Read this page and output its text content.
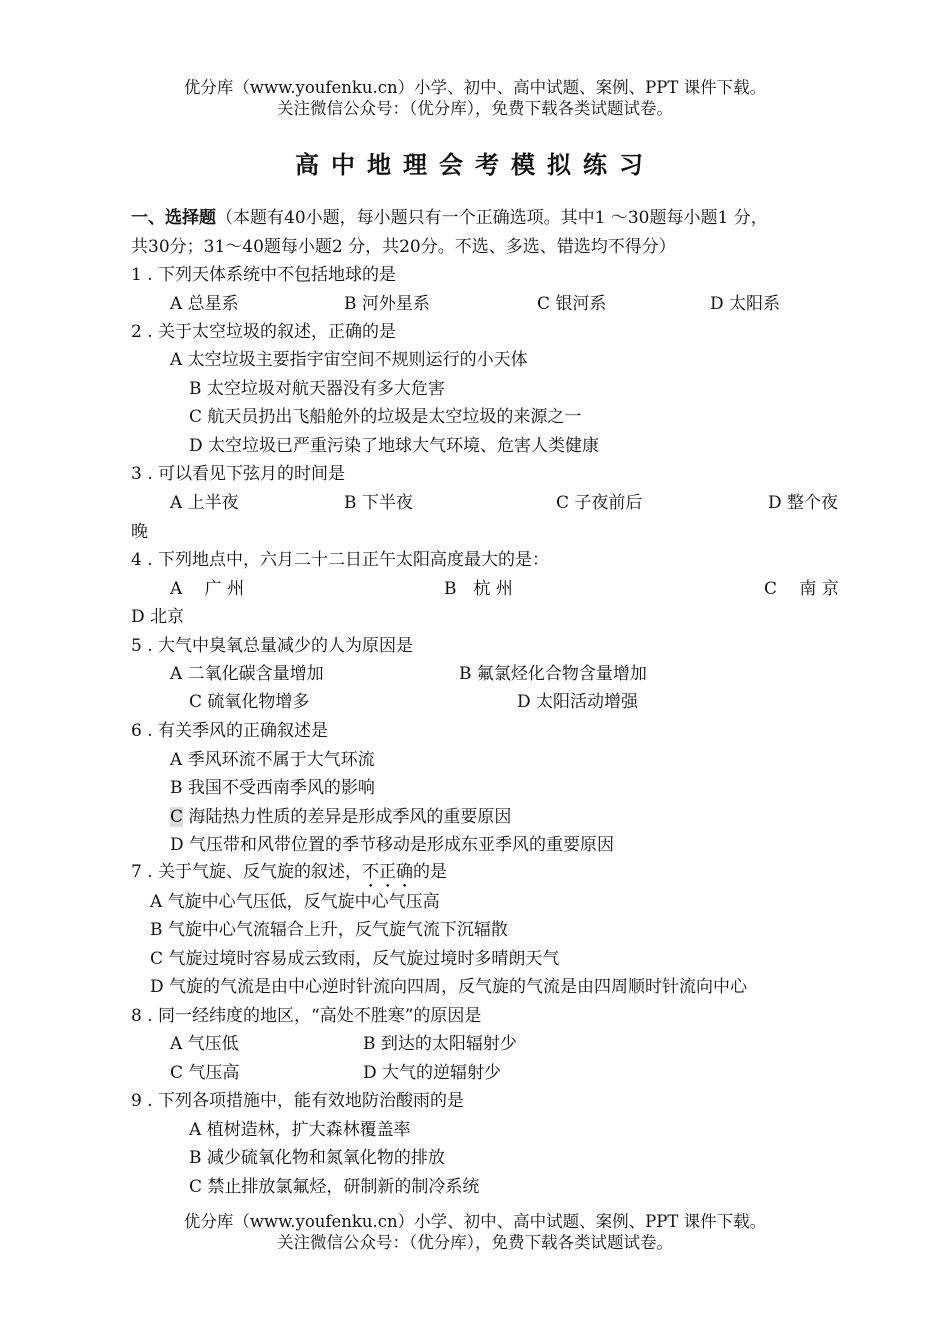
优分库（www.youfenku.cn）小学、初中、高中试题、案例、PPT 课件下载。
关注微信公众号：（优分库），免费下载各类试题试卷。
高中地理会考模拟练习
一、选择题（本题有40小题，每小题只有一个正确选项。其中1 ～30题每小题1 分，
共30分；31～40题每小题2 分，共20分。不选、多选、错选均不得分）
1 . 下列天体系统中不包括地球的是
A 总星系	B 河外星系	C 银河系	D 太阳系
2 . 关于太空垃圾的叙述，正确的是
A 太空垃圾主要指宇宙空间不规则运行的小天体
B 太空垃圾对航天器没有多大危害
C 航天员扔出飞船舱外的垃圾是太空垃圾的来源之一
D 太空垃圾已严重污染了地球大气环境、危害人类健康
3 . 可以看见下弦月的时间是
A 上半夜	B 下半夜	C 子夜前后	D 整个夜
晚
4 . 下列地点中，六月二十二日正午太阳高度最大的是：
A　 广 州	B　杭 州	C　 南 京
D 北京
5 . 大气中臭氧总量减少的人为原因是
A 二氧化碳含量增加	B 氟氯烃化合物含量增加
C 硫氧化物增多	D 太阳活动增强
6 . 有关季风的正确叙述是
A 季风环流不属于大气环流
B 我国不受西南季风的影响
C 海陆热力性质的差异是形成季风的重要原因
D 气压带和风带位置的季节移动是形成东亚季风的重要原因
7 . 关于气旋、反气旋的叙述，不正确的是
A 气旋中心气压低，反气旋中心气压高
B 气旋中心气流辐合上升，反气旋气流下沉辐散
C 气旋过境时容易成云致雨，反气旋过境时多晴朗天气
D 气旋的气流是由中心逆时针流向四周，反气旋的气流是由四周顺时针流向中心
8 . 同一经纬度的地区，“高处不胜寒”的原因是
A 气压低	B 到达的太阳辐射少
C 气压高	D 大气的逆辐射少
9 . 下列各项措施中，能有效地防治酸雨的是
A 植树造林，扩大森林覆盖率
B 减少硫氧化物和氮氧化物的排放
C 禁止排放氯氟烃，研制新的制冷系统
优分库（www.youfenku.cn）小学、初中、高中试题、案例、PPT 课件下载。
关注微信公众号：（优分库），免费下载各类试题试卷。
